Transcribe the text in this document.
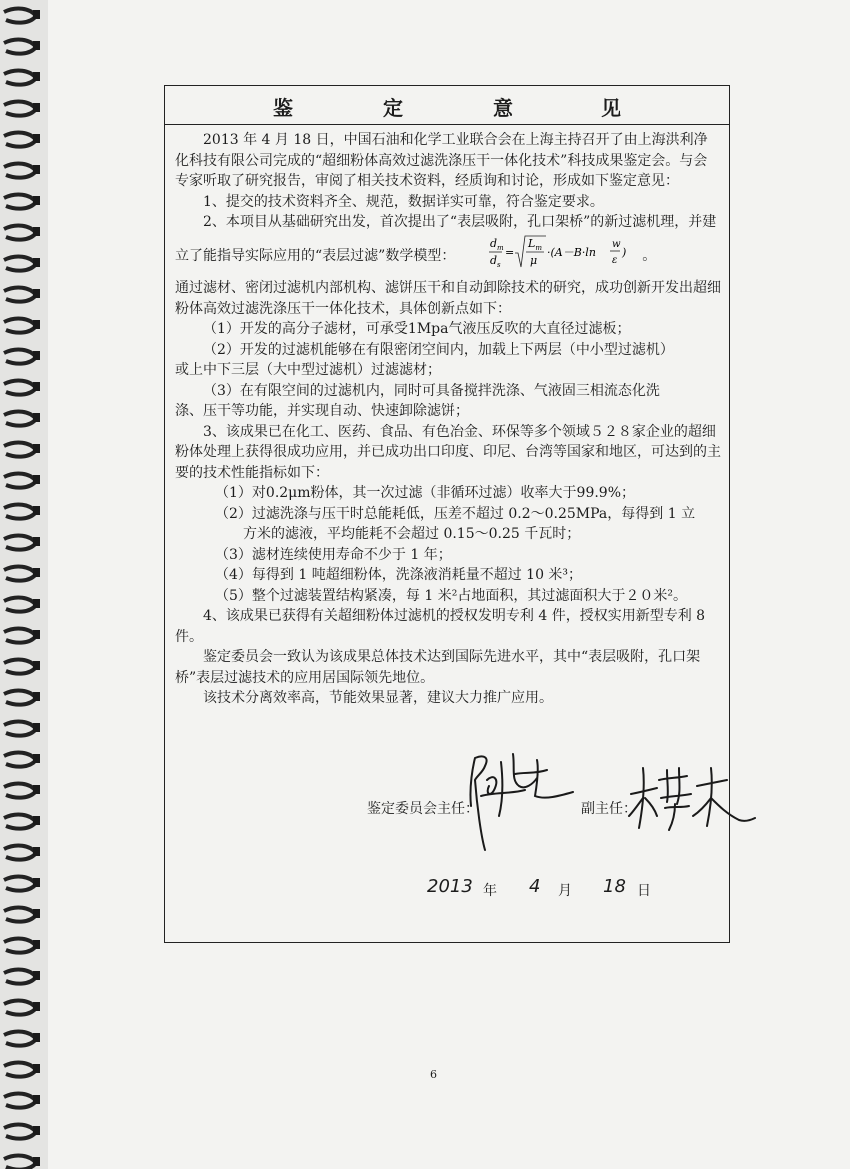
鉴	定	意	见

2013 年 4 月 18 日，中国石油和化学工业联合会在上海主持召开了由上海洪利净化科技有限公司完成的“超细粉体高效过滤洗涤压干一体化技术”科技成果鉴定会。与会专家听取了研究报告，审阅了相关技术资料，经质询和讨论，形成如下鉴定意见：

1、提交的技术资料齐全、规范，数据详实可靠，符合鉴定要求。

2、本项目从基础研究出发，首次提出了“表层吸附，孔口架桥”的新过滤机理，并建立了能指导实际应用的“表层过滤”数学模型：
$d_m$
$d_s$
=
$L_m$
μ
·(A－B·ln
w
ε
) 。

通过滤材、密闭过滤机内部机构、滤饼压干和自动卸除技术的研究，成功创新开发出超细粉体高效过滤洗涤压干一体化技术，具体创新点如下：

（1）开发的高分子滤材，可承受1Mpa气液压反吹的大直径过滤板；

（2）开发的过滤机能够在有限密闭空间内，加载上下两层（中小型过滤机）

或上中下三层（大中型过滤机）过滤滤材；

（3）在有限空间的过滤机内，同时可具备搅拌洗涤、气液固三相流态化洗

涤、压干等功能，并实现自动、快速卸除滤饼；

3、该成果已在化工、医药、食品、有色冶金、环保等多个领域５２８家企业的超细粉体处理上获得很成功应用，并已成功出口印度、印尼、台湾等国家和地区，可达到的主要的技术性能指标如下：

（1）对0.2μm粉体，其一次过滤（非循环过滤）收率大于99.9%；

（2）过滤洗涤与压干时总能耗低，压差不超过 0.2～0.25MPa，每得到 1 立

方米的滤液，平均能耗不会超过 0.15～0.25 千瓦时；

（3）滤材连续使用寿命不少于 1 年；

（4）每得到 1 吨超细粉体，洗涤液消耗量不超过 10 米³；

（5）整个过滤装置结构紧凑，每 1 米²占地面积，其过滤面积大于２０米²。

4、该成果已获得有关超细粉体过滤机的授权发明专利 4 件，授权实用新型专利 8 件。

鉴定委员会一致认为该成果总体技术达到国际先进水平，其中“表层吸附，孔口架桥”表层过滤技术的应用居国际领先地位。

该技术分离效率高，节能效果显著，建议大力推广应用。

鉴定委员会主任：	副主任：
2013 年 4 月 18 日
6
